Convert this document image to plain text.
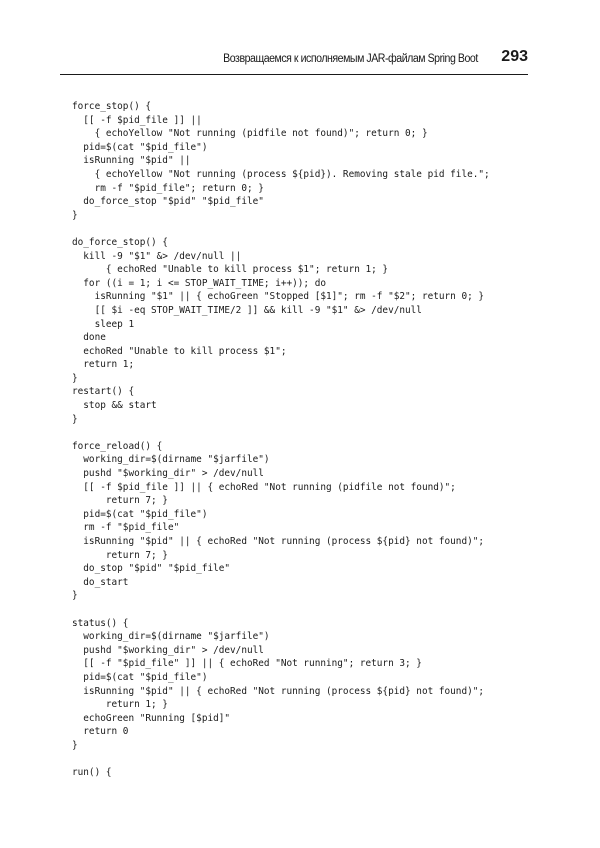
Возвращаемся к исполняемым JAR-файлам Spring Boot 293
force_stop() {
[[ -f $pid_file ]] ||
{ echoYellow "Not running (pidfile not found)"; return 0; }
pid=$(cat "$pid_file")
isRunning "$pid" ||
{ echoYellow "Not running (process ${pid}). Removing stale pid file.";
rm -f "$pid_file"; return 0; }
do_force_stop "$pid" "$pid_file"
}
do_force_stop() {
kill -9 "$1" &> /dev/null ||
{ echoRed "Unable to kill process $1"; return 1; }
for ((i = 1; i <= STOP_WAIT_TIME; i++)); do
isRunning "$1" || { echoGreen "Stopped [$1]"; rm -f "$2"; return 0; }
[[ $i -eq STOP_WAIT_TIME/2 ]] && kill -9 "$1" &> /dev/null
sleep 1
done
echoRed "Unable to kill process $1";
return 1;
}
restart() {
stop && start
}
force_reload() {
working_dir=$(dirname "$jarfile")
pushd "$working_dir" > /dev/null
[[ -f $pid_file ]] || { echoRed "Not running (pidfile not found)";
return 7; }
pid=$(cat "$pid_file")
rm -f "$pid_file"
isRunning "$pid" || { echoRed "Not running (process ${pid} not found)";
return 7; }
do_stop "$pid" "$pid_file"
do_start
}
status() {
working_dir=$(dirname "$jarfile")
pushd "$working_dir" > /dev/null
[[ -f "$pid_file" ]] || { echoRed "Not running"; return 3; }
pid=$(cat "$pid_file")
isRunning "$pid" || { echoRed "Not running (process ${pid} not found)";
return 1; }
echoGreen "Running [$pid]"
return 0
}
run() {
